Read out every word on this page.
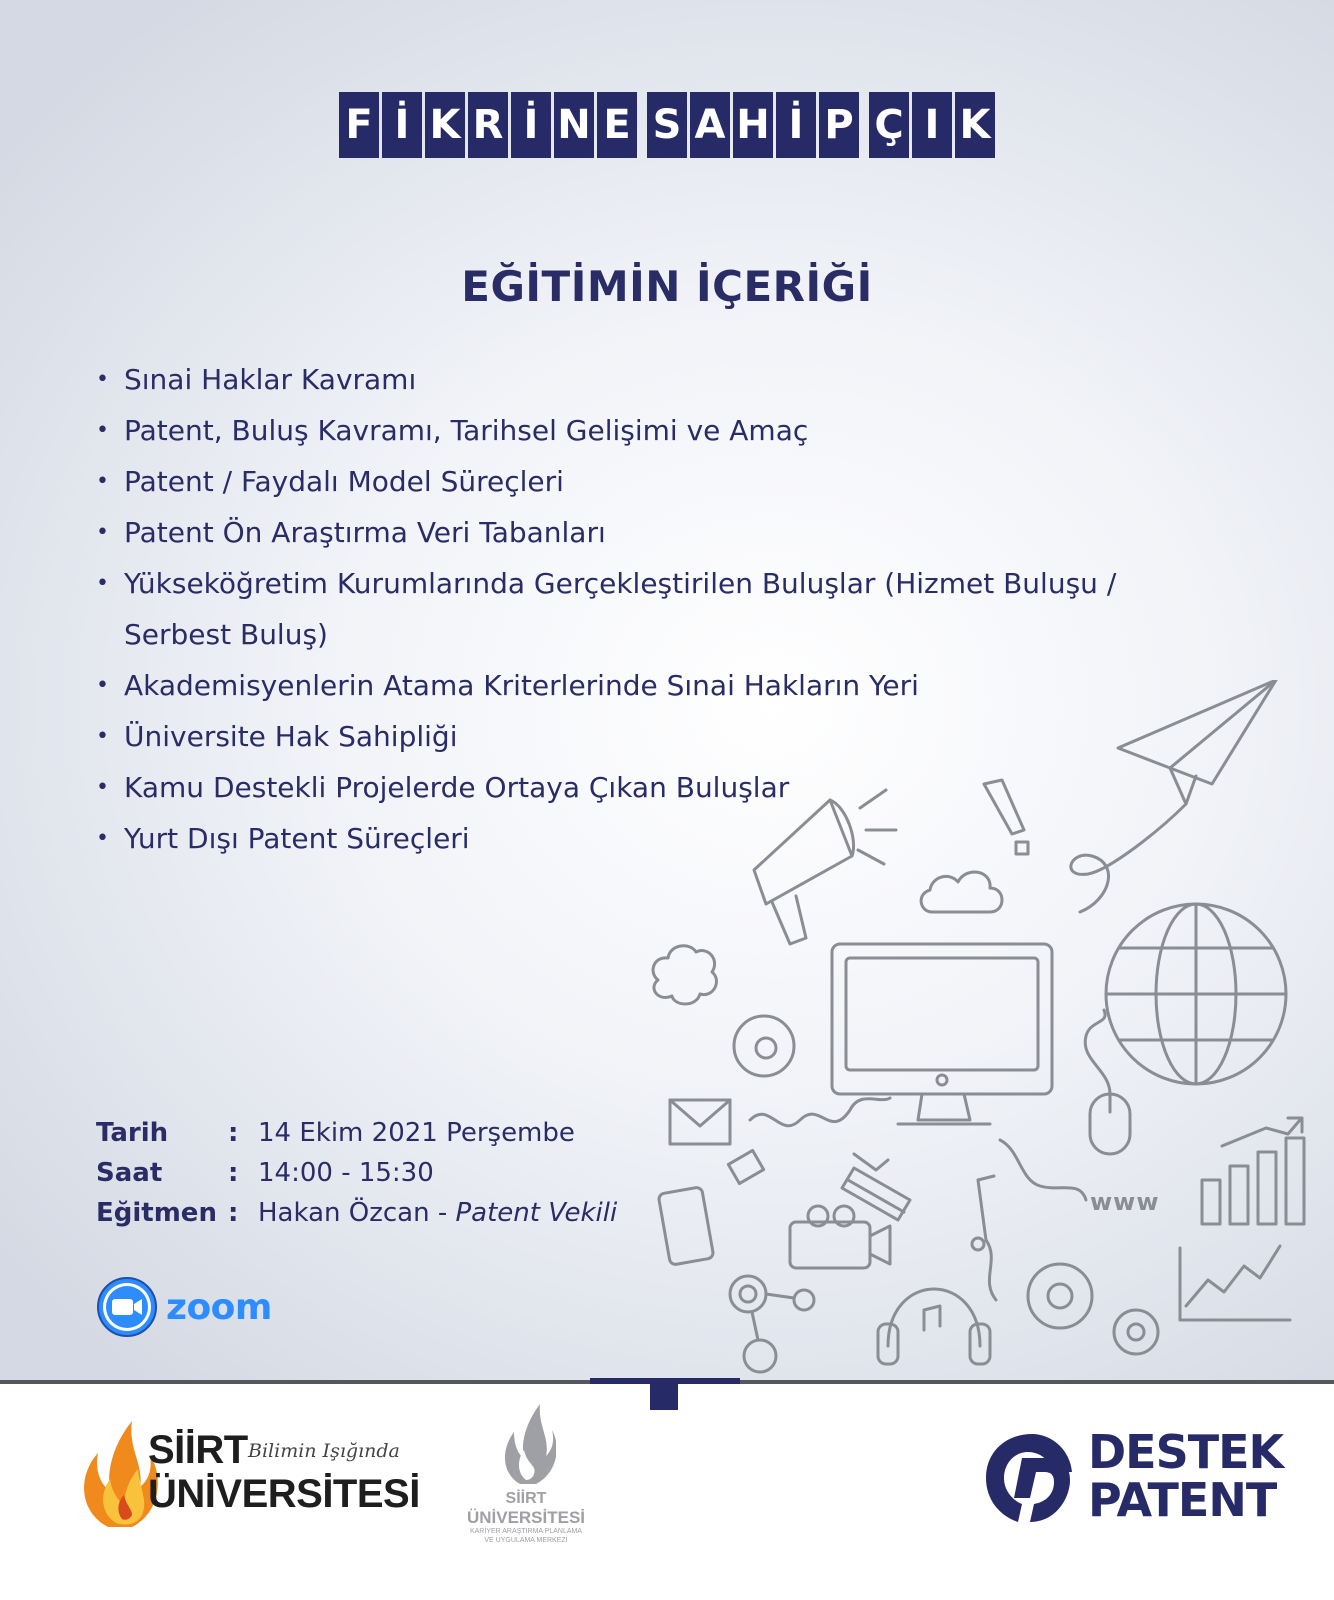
F İ K R İ N E S A H İ P Ç I K
EĞİTİMİN İÇERİĞİ
• Sınai Haklar Kavramı
• Patent, Buluş Kavramı, Tarihsel Gelişimi ve Amaç
• Patent / Faydalı Model Süreçleri
• Patent Ön Araştırma Veri Tabanları
• Yükseköğretim Kurumlarında Gerçekleştirilen Buluşlar (Hizmet Buluşu / Serbest Buluş)
• Akademisyenlerin Atama Kriterlerinde Sınai Hakların Yeri
• Üniversite Hak Sahipliği
• Kamu Destekli Projelerde Ortaya Çıkan Buluşlar
• Yurt Dışı Patent Süreçleri
www
Tarih	: 14 Ekim 2021 Perşembe
Saat	: 14:00 - 15:30
Eğitmen : Hakan Özcan - Patent Vekili
zoom
SİİRT
ÜNİVERSİTESİ
Bilimin Işığında
SİİRT
ÜNİVERSİTESİ
KARİYER ARAŞTIRMA PLANLAMA
VE UYGULAMA MERKEZİ
DESTEK
PATENT
